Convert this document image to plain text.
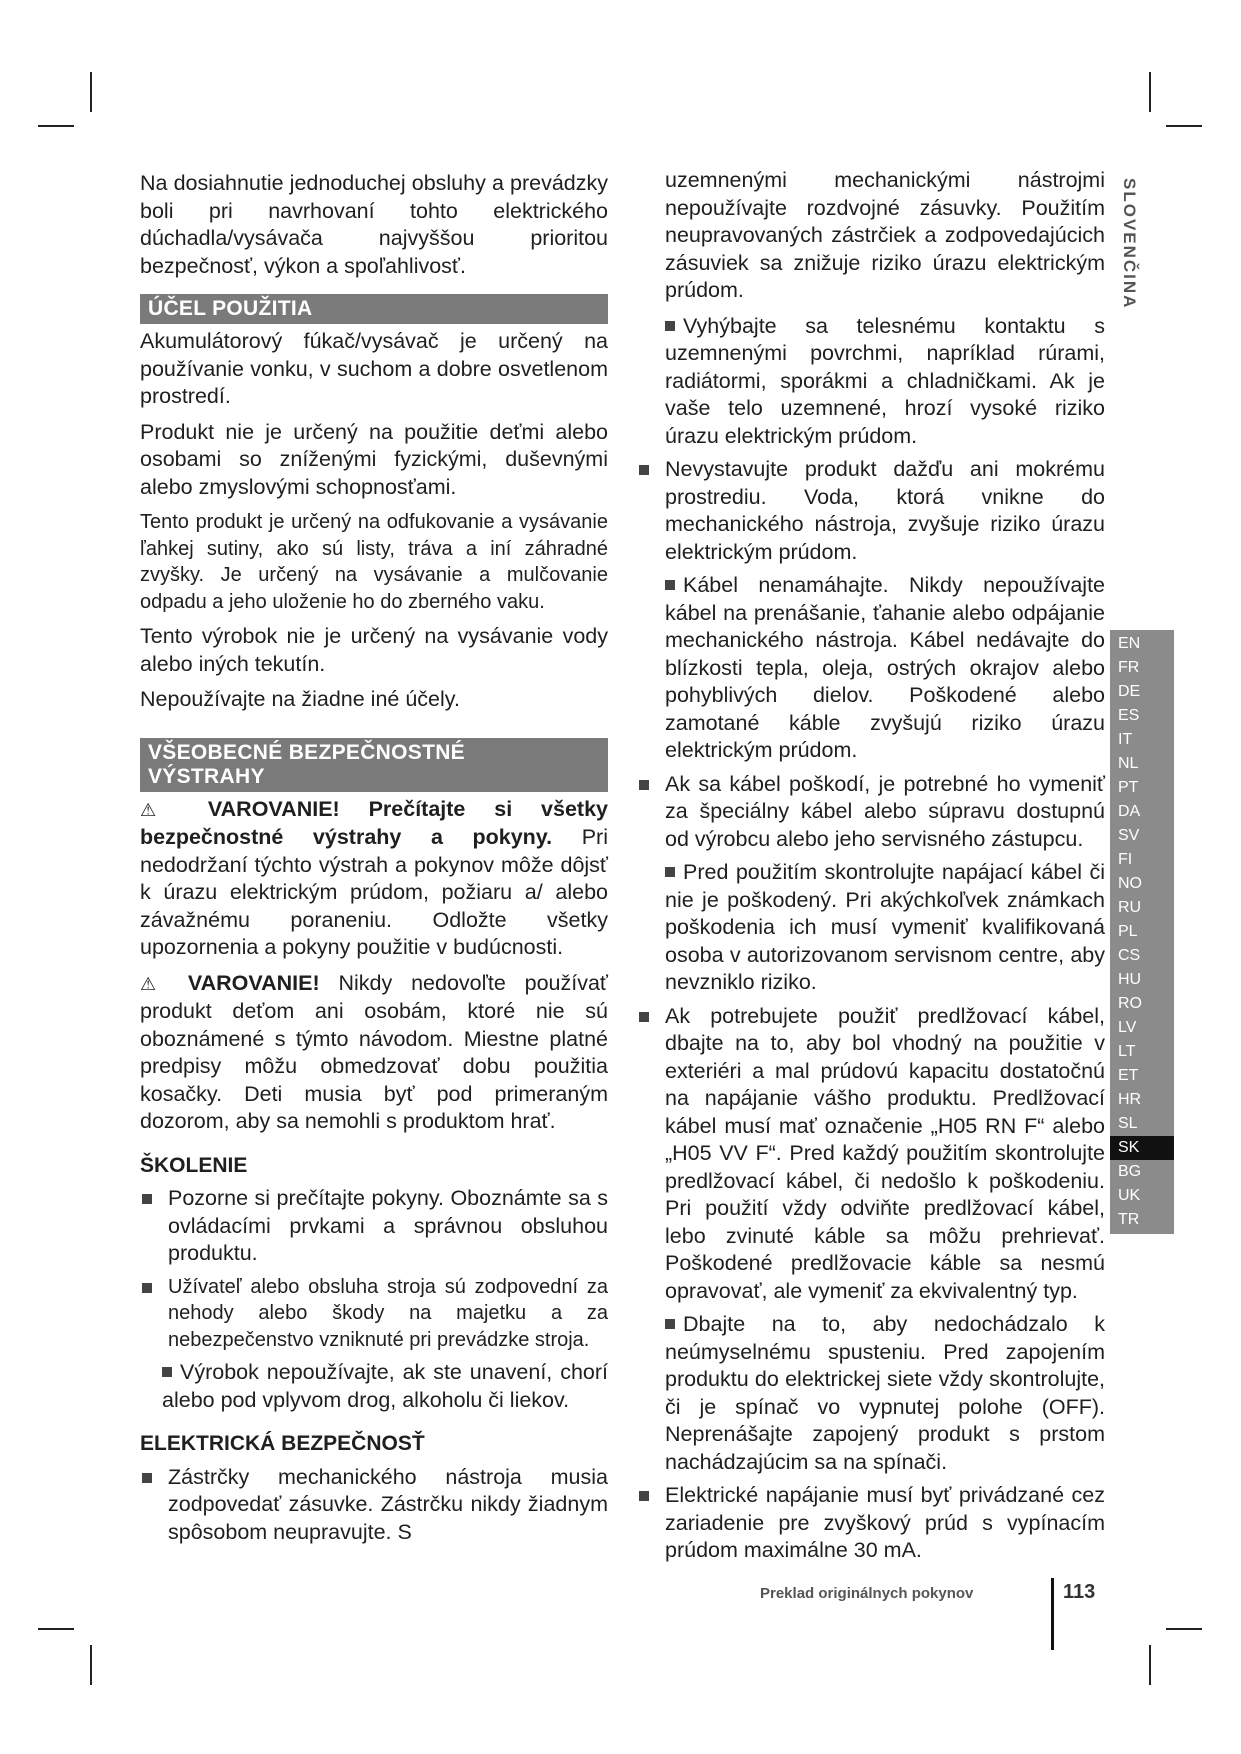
Na dosiahnutie jednoduchej obsluhy a prevádzky boli pri navrhovaní tohto elektrického dúchadla/vysávača najvyššou prioritou bezpečnosť, výkon a spoľahlivosť.

ÚČEL POUŽITIA

Akumulátorový fúkač/vysávač je určený na používanie vonku, v suchom a dobre osvetlenom prostredí.

Produkt nie je určený na použitie deťmi alebo osobami so zníženými fyzickými, duševnými alebo zmyslovými schopnosťami.

Tento produkt je určený na odfukovanie a vysávanie ľahkej sutiny, ako sú listy, tráva a iní záhradné zvyšky. Je určený na vysávanie a mulčovanie odpadu a jeho uloženie ho do zberného vaku.

Tento výrobok nie je určený na vysávanie vody alebo iných tekutín.

Nepoužívajte na žiadne iné účely.

VŠEOBECNÉ BEZPEČNOSTNÉ
VÝSTRAHY

⚠ VAROVANIE! Prečítajte si všetky bezpečnostné výstrahy a pokyny. Pri nedodržaní týchto výstrah a pokynov môže dôjsť k úrazu elektrickým prúdom, požiaru a/ alebo závažnému poraneniu. Odložte všetky upozornenia a pokyny použitie v budúcnosti.

⚠ VAROVANIE! Nikdy nedovoľte používať produkt deťom ani osobám, ktoré nie sú oboznámené s týmto návodom. Miestne platné predpisy môžu obmedzovať dobu použitia kosačky. Deti musia byť pod primeraným dozorom, aby sa nemohli s produktom hrať.

ŠKOLENIE
Pozorne si prečítajte pokyny. Oboznámte sa s ovládacími prvkami a správnou obsluhou produktu.
Užívateľ alebo obsluha stroja sú zodpovední za nehody alebo škody na majetku a za nebezpečenstvo vzniknuté pri prevádzke stroja.
Výrobok nepoužívajte, ak ste unavení, chorí alebo pod vplyvom drog, alkoholu či liekov.
ELEKTRICKÁ BEZPEČNOSŤ
Zástrčky mechanického nástroja musia zodpovedať zásuvke. Zástrčku nikdy žiadnym spôsobom neupravujte. S

uzemnenými mechanickými nástrojmi nepoužívajte rozdvojné zásuvky. Použitím neupravovaných zástrčiek a zodpovedajúcich zásuviek sa znižuje riziko úrazu elektrickým prúdom.

Vyhýbajte sa telesnému kontaktu s uzemnenými povrchmi, napríklad rúrami, radiátormi, sporákmi a chladničkami. Ak je vaše telo uzemnené, hrozí vysoké riziko úrazu elektrickým prúdom.
Nevystavujte produkt dažďu ani mokrému prostrediu. Voda, ktorá vnikne do mechanického nástroja, zvyšuje riziko úrazu elektrickým prúdom.
Kábel nenamáhajte. Nikdy nepoužívajte kábel na prenášanie, ťahanie alebo odpájanie mechanického nástroja. Kábel nedávajte do blízkosti tepla, oleja, ostrých okrajov alebo pohyblivých dielov. Poškodené alebo zamotané káble zvyšujú riziko úrazu elektrickým prúdom.
Ak sa kábel poškodí, je potrebné ho vymeniť za špeciálny kábel alebo súpravu dostupnú od výrobcu alebo jeho servisného zástupcu.
Pred použitím skontrolujte napájací kábel či nie je poškodený. Pri akýchkoľvek známkach poškodenia ich musí vymeniť kvalifikovaná osoba v autorizovanom servisnom centre, aby nevzniklo riziko.
Ak potrebujete použiť predlžovací kábel, dbajte na to, aby bol vhodný na použitie v exteriéri a mal prúdovú kapacitu dostatočnú na napájanie vášho produktu. Predlžovací kábel musí mať označenie „H05 RN F“ alebo „H05 VV F“. Pred každý použitím skontrolujte predlžovací kábel, či nedošlo k poškodeniu. Pri použití vždy odviňte predlžovací kábel, lebo zvinuté káble sa môžu prehrievať. Poškodené predlžovacie káble sa nesmú opravovať, ale vymeniť za ekvivalentný typ.
Dbajte na to, aby nedochádzalo k neúmyselnému spusteniu. Pred zapojením produktu do elektrickej siete vždy skontrolujte, či je spínač vo vypnutej polohe (OFF). Neprenášajte zapojený produkt s prstom nachádzajúcim sa na spínači.
Elektrické napájanie musí byť privádzané cez zariadenie pre zvyškový prúd s vypínacím prúdom maximálne 30 mA.
SLOVENČINA
EN
FR
DE
ES
IT
NL
PT
DA
SV
FI
NO
RU
PL
CS
HU
RO
LV
LT
ET
HR
SL
SK
BG
UK
TR
Preklad originálnych pokynov	113
